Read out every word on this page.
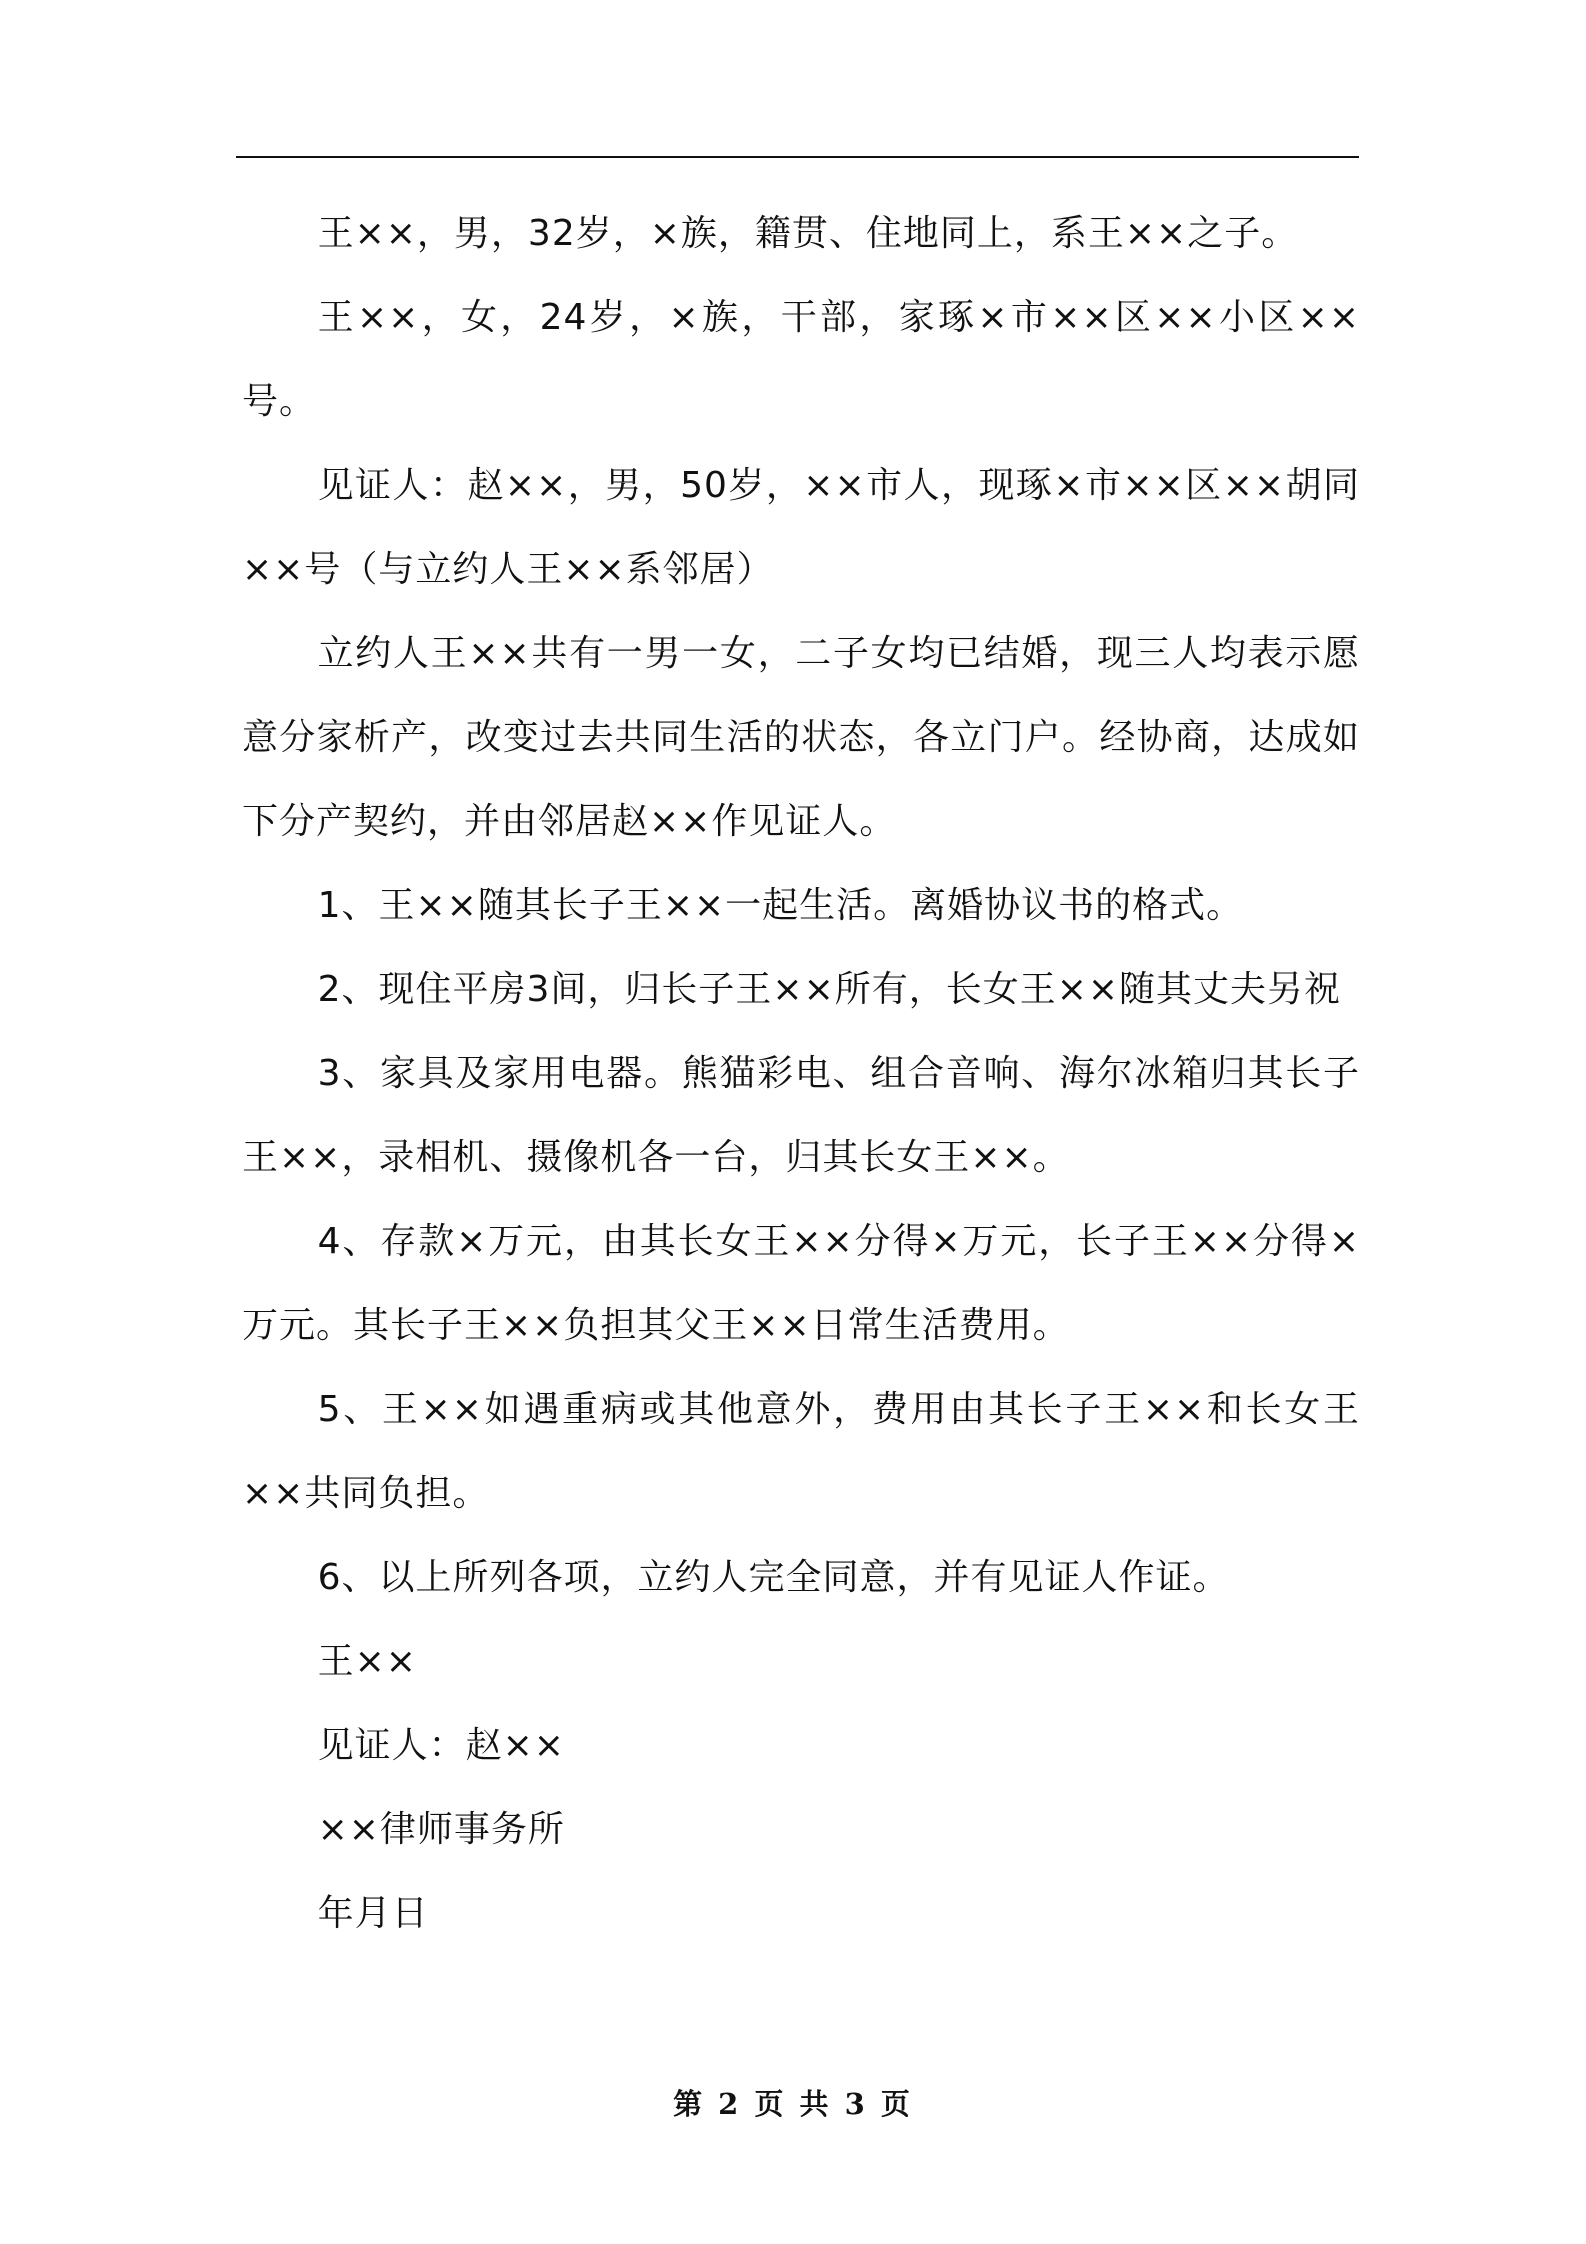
王××，男，32岁，×族，籍贯、住地同上，系王××之子。

王××，女，24岁，×族，干部，家琢×市××区××小区××号。

见证人：赵××，男，50岁，××市人，现琢×市××区××胡同××号（与立约人王××系邻居）

立约人王××共有一男一女，二子女均已结婚，现三人均表示愿意分家析产，改变过去共同生活的状态，各立门户。经协商，达成如下分产契约，并由邻居赵××作见证人。

1、王××随其长子王××一起生活。离婚协议书的格式。

2、现住平房3间，归长子王××所有，长女王××随其丈夫另祝

3、家具及家用电器。熊猫彩电、组合音响、海尔冰箱归其长子王××，录相机、摄像机各一台，归其长女王××。

4、存款×万元，由其长女王××分得×万元，长子王××分得×万元。其长子王××负担其父王××日常生活费用。

5、王××如遇重病或其他意外，费用由其长子王××和长女王××共同负担。

6、以上所列各项，立约人完全同意，并有见证人作证。

王××

见证人：赵××

××律师事务所

年月日

第 2 页 共 3 页
